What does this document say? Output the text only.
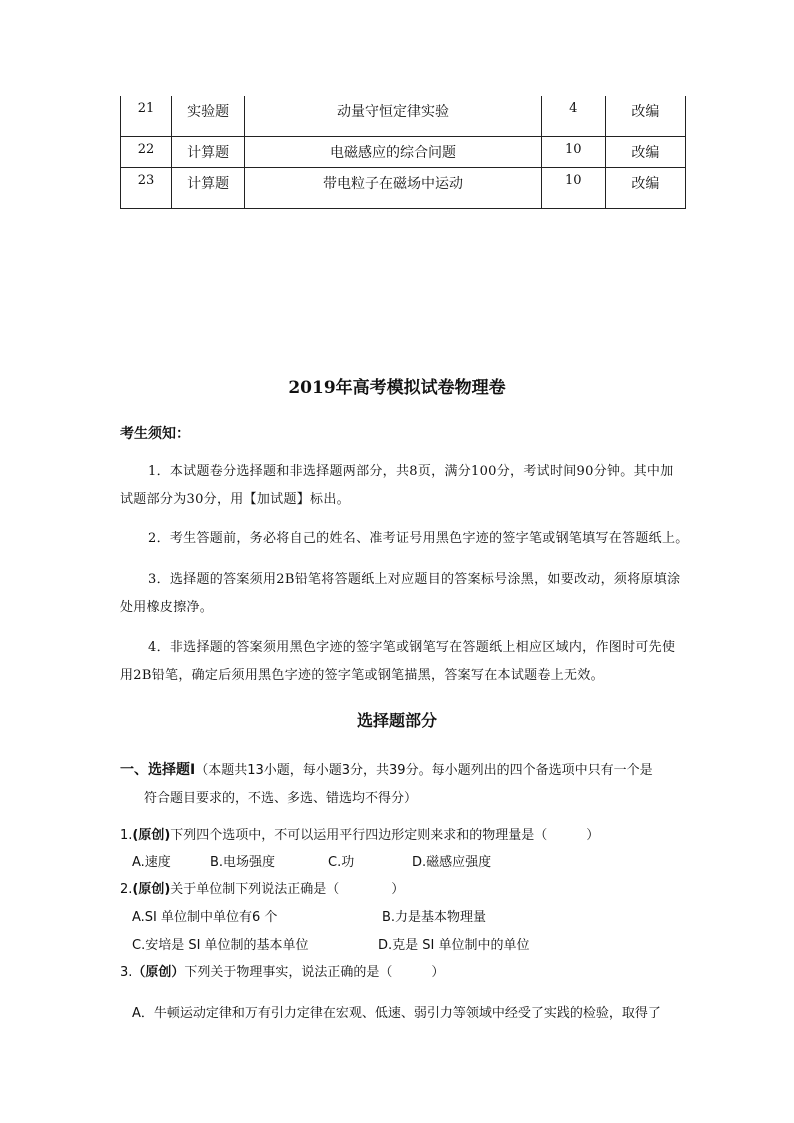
21	实验题	动量守恒定律实验	4	改编
22	计算题	电磁感应的综合问题	10	改编
23	计算题	带电粒子在磁场中运动	10	改编
2019年高考模拟试卷物理卷
考生须知：
1．本试题卷分选择题和非选择题两部分，共8页，满分100分，考试时间90分钟。其中加
试题部分为30分，用【加试题】标出。
2．考生答题前，务必将自己的姓名、准考证号用黑色字迹的签字笔或钢笔填写在答题纸上。
3．选择题的答案须用2B铅笔将答题纸上对应题目的答案标号涂黑，如要改动，须将原填涂
处用橡皮擦净。
4．非选择题的答案须用黑色字迹的签字笔或钢笔写在答题纸上相应区域内，作图时可先使
用2B铅笔，确定后须用黑色字迹的签字笔或钢笔描黑，答案写在本试题卷上无效。
选择题部分
一、选择题Ⅰ（本题共13小题，每小题3分，共39分。每小题列出的四个备选项中只有一个是
符合题目要求的，不选、多选、错选均不得分）
1.(原创)下列四个选项中，不可以运用平行四边形定则来求和的物理量是（　　　）
A.速度	B.电场强度	C.功	D.磁感应强度
2.(原创)关于单位制下列说法正确是（　　　　）
A.SI 单位制中单位有6 个	B.力是基本物理量
C.安培是 SI 单位制的基本单位	D.克是 SI 单位制中的单位
3.（原创）下列关于物理事实，说法正确的是（　　　）
A．牛顿运动定律和万有引力定律在宏观、低速、弱引力等领域中经受了实践的检验，取得了
